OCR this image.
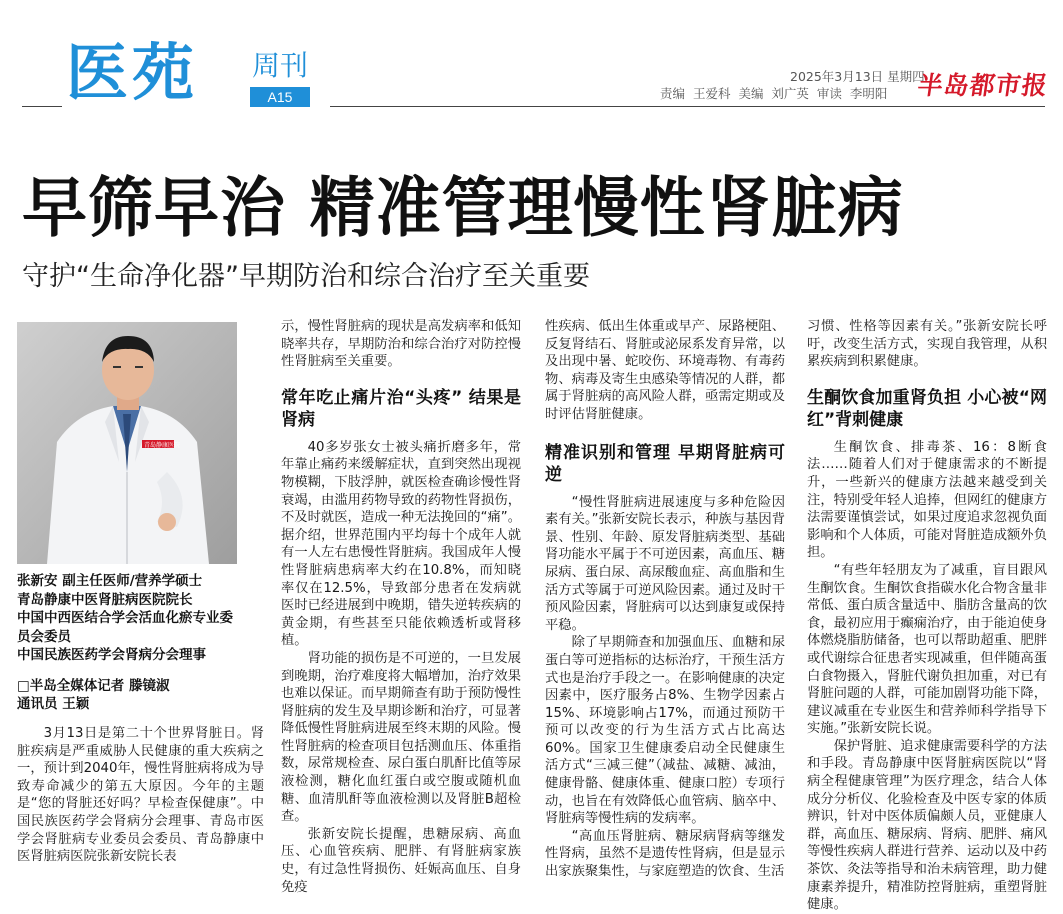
医苑 周刊
A15
2025年3月13日 星期四
责编 王爱科 美编 刘广英 审读 李明阳 半岛都市报
早筛早治 精准管理慢性肾脏病
守护“生命净化器”早期防治和综合治疗至关重要
青岛静康医院
张新安 副主任医师/营养学硕士
青岛静康中医肾脏病医院院长
中国中西医结合学会活血化瘀专业委
员会委员
中国民族医药学会肾病分会理事
□半岛全媒体记者 滕镜淑
通讯员 王颖

3月13日是第二十个世界肾脏日。肾脏疾病是严重威胁人民健康的重大疾病之一，预计到2040年，慢性肾脏病将成为导致寿命减少的第五大原因。今年的主题是“您的肾脏还好吗？早检查保健康”。中国民族医药学会肾病分会理事、青岛市医学会肾脏病专业委员会委员、青岛静康中医肾脏病医院张新安院长表

示，慢性肾脏病的现状是高发病率和低知晓率共存，早期防治和综合治疗对防控慢性肾脏病至关重要。

常年吃止痛片治“头疼” 结果是肾病

40多岁张女士被头痛折磨多年，常年靠止痛药来缓解症状，直到突然出现视物模糊，下肢浮肿，就医检查确诊慢性肾衰竭，由滥用药物导致的药物性肾损伤，不及时就医，造成一种无法挽回的“痛”。据介绍，世界范围内平均每十个成年人就有一人左右患慢性肾脏病。我国成年人慢性肾脏病患病率大约在10.8%，而知晓率仅在12.5%，导致部分患者在发病就医时已经进展到中晚期，错失逆转疾病的黄金期，有些甚至只能依赖透析或肾移植。

肾功能的损伤是不可逆的，一旦发展到晚期，治疗难度将大幅增加，治疗效果也难以保证。而早期筛查有助于预防慢性肾脏病的发生及早期诊断和治疗，可显著降低慢性肾脏病进展至终末期的风险。慢性肾脏病的检查项目包括测血压、体重指数，尿常规检查、尿白蛋白肌酐比值等尿液检测，糖化血红蛋白或空腹或随机血糖、血清肌酐等血液检测以及肾脏B超检查。

张新安院长提醒，患糖尿病、高血压、心血管疾病、肥胖、有肾脏病家族史，有过急性肾损伤、妊娠高血压、自身免疫

性疾病、低出生体重或早产、尿路梗阻、反复肾结石、肾脏或泌尿系发育异常，以及出现中暑、蛇咬伤、环境毒物、有毒药物、病毒及寄生虫感染等情况的人群，都属于肾脏病的高风险人群，亟需定期或及时评估肾脏健康。

精准识别和管理 早期肾脏病可逆

“慢性肾脏病进展速度与多种危险因素有关。”张新安院长表示，种族与基因背景、性别、年龄、原发肾脏病类型、基础肾功能水平属于不可逆因素，高血压、糖尿病、蛋白尿、高尿酸血症、高血脂和生活方式等属于可逆风险因素。通过及时干预风险因素，肾脏病可以达到康复或保持平稳。

除了早期筛查和加强血压、血糖和尿蛋白等可逆指标的达标治疗，干预生活方式也是治疗手段之一。在影响健康的决定因素中，医疗服务占8%、生物学因素占15%、环境影响占17%，而通过预防干预可以改变的行为生活方式占比高达60%。国家卫生健康委启动全民健康生活方式“三减三健”（减盐、减糖、减油，健康骨骼、健康体重、健康口腔）专项行动，也旨在有效降低心血管病、脑卒中、肾脏病等慢性病的发病率。

“高血压肾脏病、糖尿病肾病等继发性肾病，虽然不是遗传性肾病，但是显示出家族聚集性，与家庭塑造的饮食、生活

习惯、性格等因素有关。”张新安院长呼吁，改变生活方式，实现自我管理，从积累疾病到积累健康。

生酮饮食加重肾负担 小心被“网红”背刺健康

生酮饮食、排毒茶、16：8断食法……随着人们对于健康需求的不断提升，一些新兴的健康方法越来越受到关注，特别受年轻人追捧，但网红的健康方法需要谨慎尝试，如果过度追求忽视负面影响和个人体质，可能对肾脏造成额外负担。

“有些年轻朋友为了减重，盲目跟风生酮饮食。生酮饮食指碳水化合物含量非常低、蛋白质含量适中、脂肪含量高的饮食，最初应用于癫痫治疗，由于能迫使身体燃烧脂肪储备，也可以帮助超重、肥胖或代谢综合征患者实现减重，但伴随高蛋白食物摄入，肾脏代谢负担加重，对已有肾脏问题的人群，可能加剧肾功能下降，建议减重在专业医生和营养师科学指导下实施。”张新安院长说。

保护肾脏、追求健康需要科学的方法和手段。青岛静康中医肾脏病医院以“肾病全程健康管理”为医疗理念，结合人体成分分析仪、化验检查及中医专家的体质辨识，针对中医体质偏颇人员，亚健康人群，高血压、糖尿病、肾病、肥胖、痛风等慢性疾病人群进行营养、运动以及中药茶饮、灸法等指导和治未病管理，助力健康素养提升，精准防控肾脏病，重塑肾脏健康。
